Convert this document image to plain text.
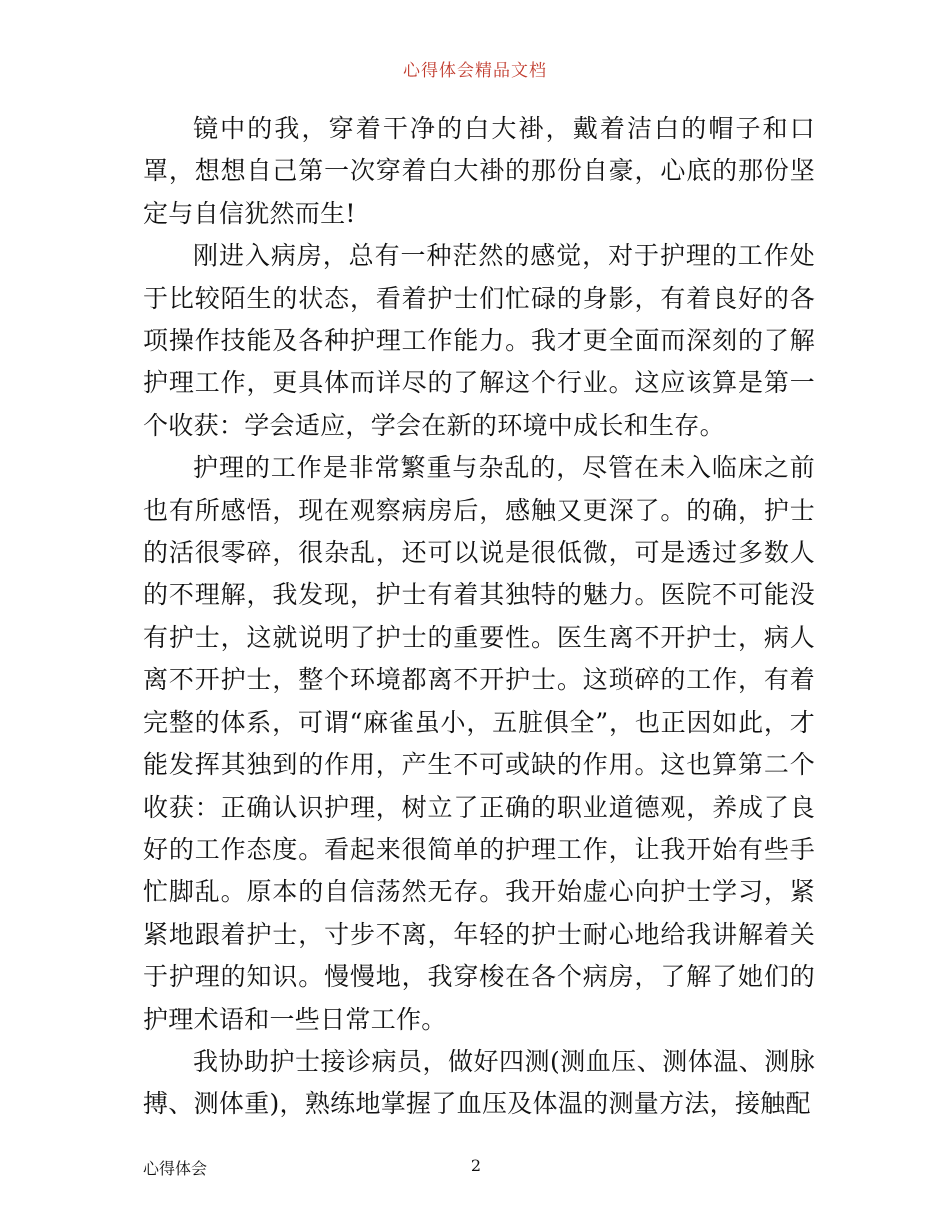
心得体会精品文档

镜中的我，穿着干净的白大褂，戴着洁白的帽子和口罩，想想自己第一次穿着白大褂的那份自豪，心底的那份坚定与自信犹然而生!

刚进入病房，总有一种茫然的感觉，对于护理的工作处于比较陌生的状态，看着护士们忙碌的身影，有着良好的各项操作技能及各种护理工作能力。我才更全面而深刻的了解护理工作，更具体而详尽的了解这个行业。这应该算是第一个收获：学会适应，学会在新的环境中成长和生存。

护理的工作是非常繁重与杂乱的，尽管在未入临床之前也有所感悟，现在观察病房后，感触又更深了。的确，护士的活很零碎，很杂乱，还可以说是很低微，可是透过多数人的不理解，我发现，护士有着其独特的魅力。医院不可能没有护士，这就说明了护士的重要性。医生离不开护士，病人离不开护士，整个环境都离不开护士。这琐碎的工作，有着完整的体系，可谓“麻雀虽小，五脏俱全”，也正因如此，才能发挥其独到的作用，产生不可或缺的作用。这也算第二个收获：正确认识护理，树立了正确的职业道德观，养成了良好的工作态度。看起来很简单的护理工作，让我开始有些手忙脚乱。原本的自信荡然无存。我开始虚心向护士学习，紧紧地跟着护士，寸步不离，年轻的护士耐心地给我讲解着关于护理的知识。慢慢地，我穿梭在各个病房，了解了她们的护理术语和一些日常工作。

我协助护士接诊病员，做好四测(测血压、测体温、测脉搏、测体重)，熟练地掌握了血压及体温的测量方法，接触配

心得体会	2
